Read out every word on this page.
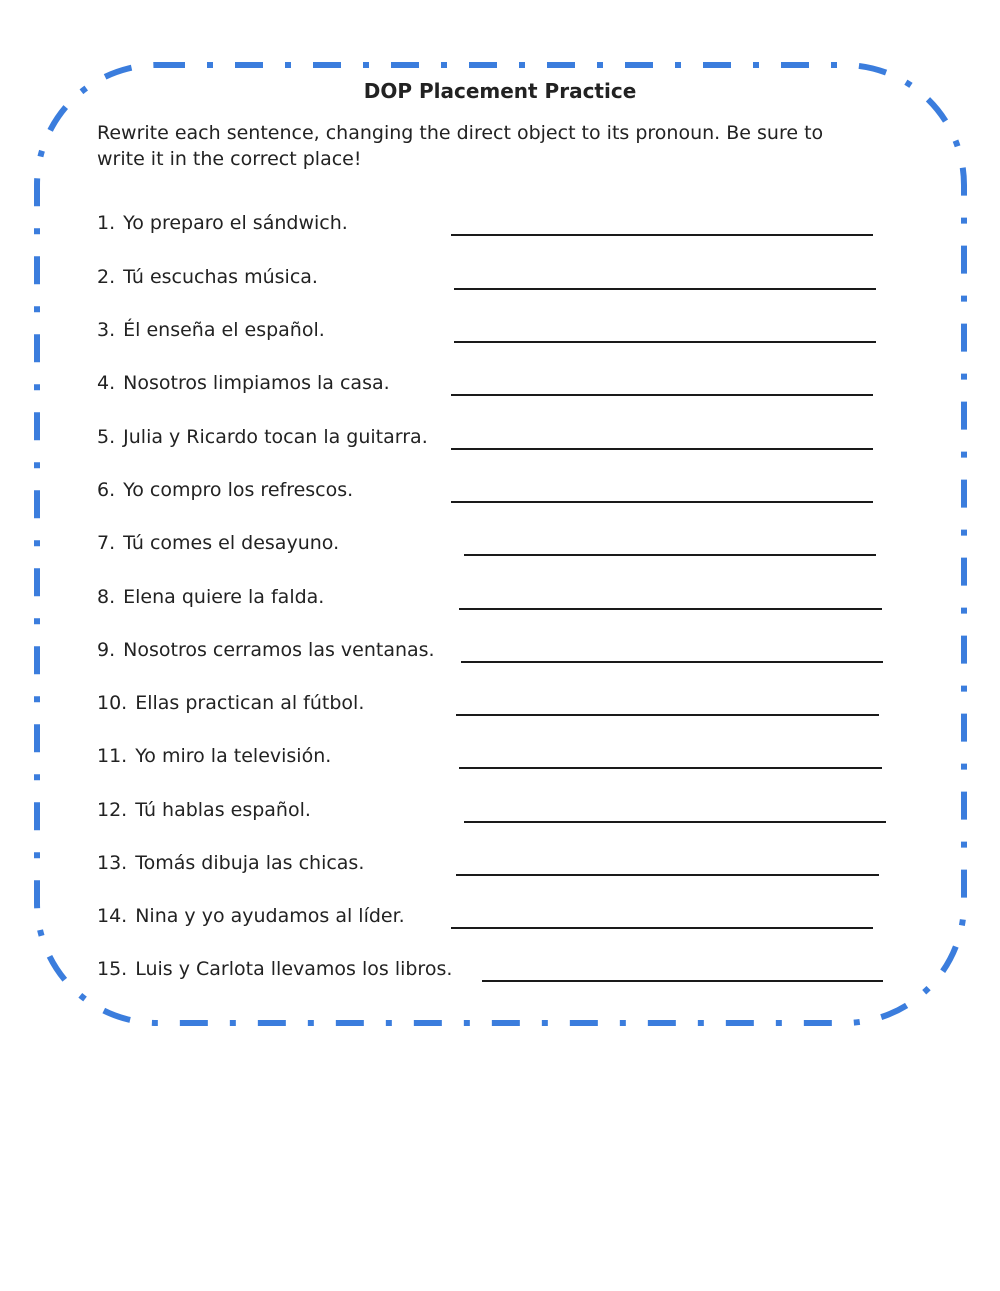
DOP Placement Practice
Rewrite each sentence, changing the direct object to its pronoun. Be sure to
write it in the correct place!
1. Yo preparo el sándwich.
2. Tú escuchas música.
3. Él enseña el español.
4. Nosotros limpiamos la casa.
5. Julia y Ricardo tocan la guitarra.
6. Yo compro los refrescos.
7. Tú comes el desayuno.
8. Elena quiere la falda.
9. Nosotros cerramos las ventanas.
10. Ellas practican al fútbol.
11. Yo miro la televisión.
12. Tú hablas español.
13. Tomás dibuja las chicas.
14. Nina y yo ayudamos al líder.
15. Luis y Carlota llevamos los libros.
